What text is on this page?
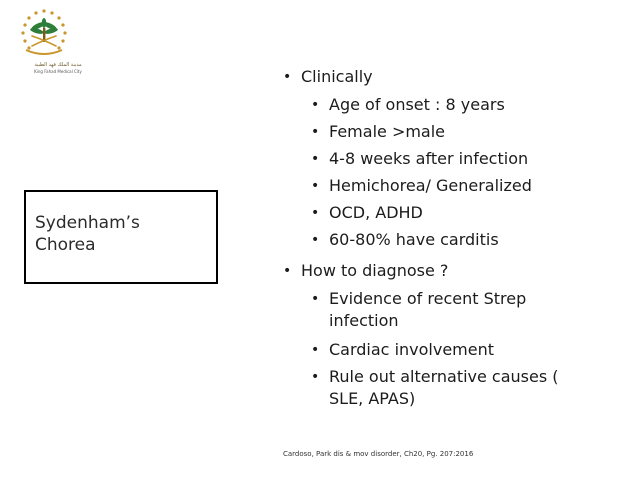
مدينة الملك فهد الطبية
King Fahad Medical City
Sydenham’s
Chorea
• Clinically
• Age of onset : 8 years
• Female >male
• 4-8 weeks after infection
• Hemichorea/ Generalized
• OCD, ADHD
• 60-80% have carditis
• How to diagnose ?
• Evidence of recent Strep
infection
• Cardiac involvement
• Rule out alternative causes (
SLE, APAS)
Cardoso, Park dis & mov disorder, Ch20, Pg. 207:2016
